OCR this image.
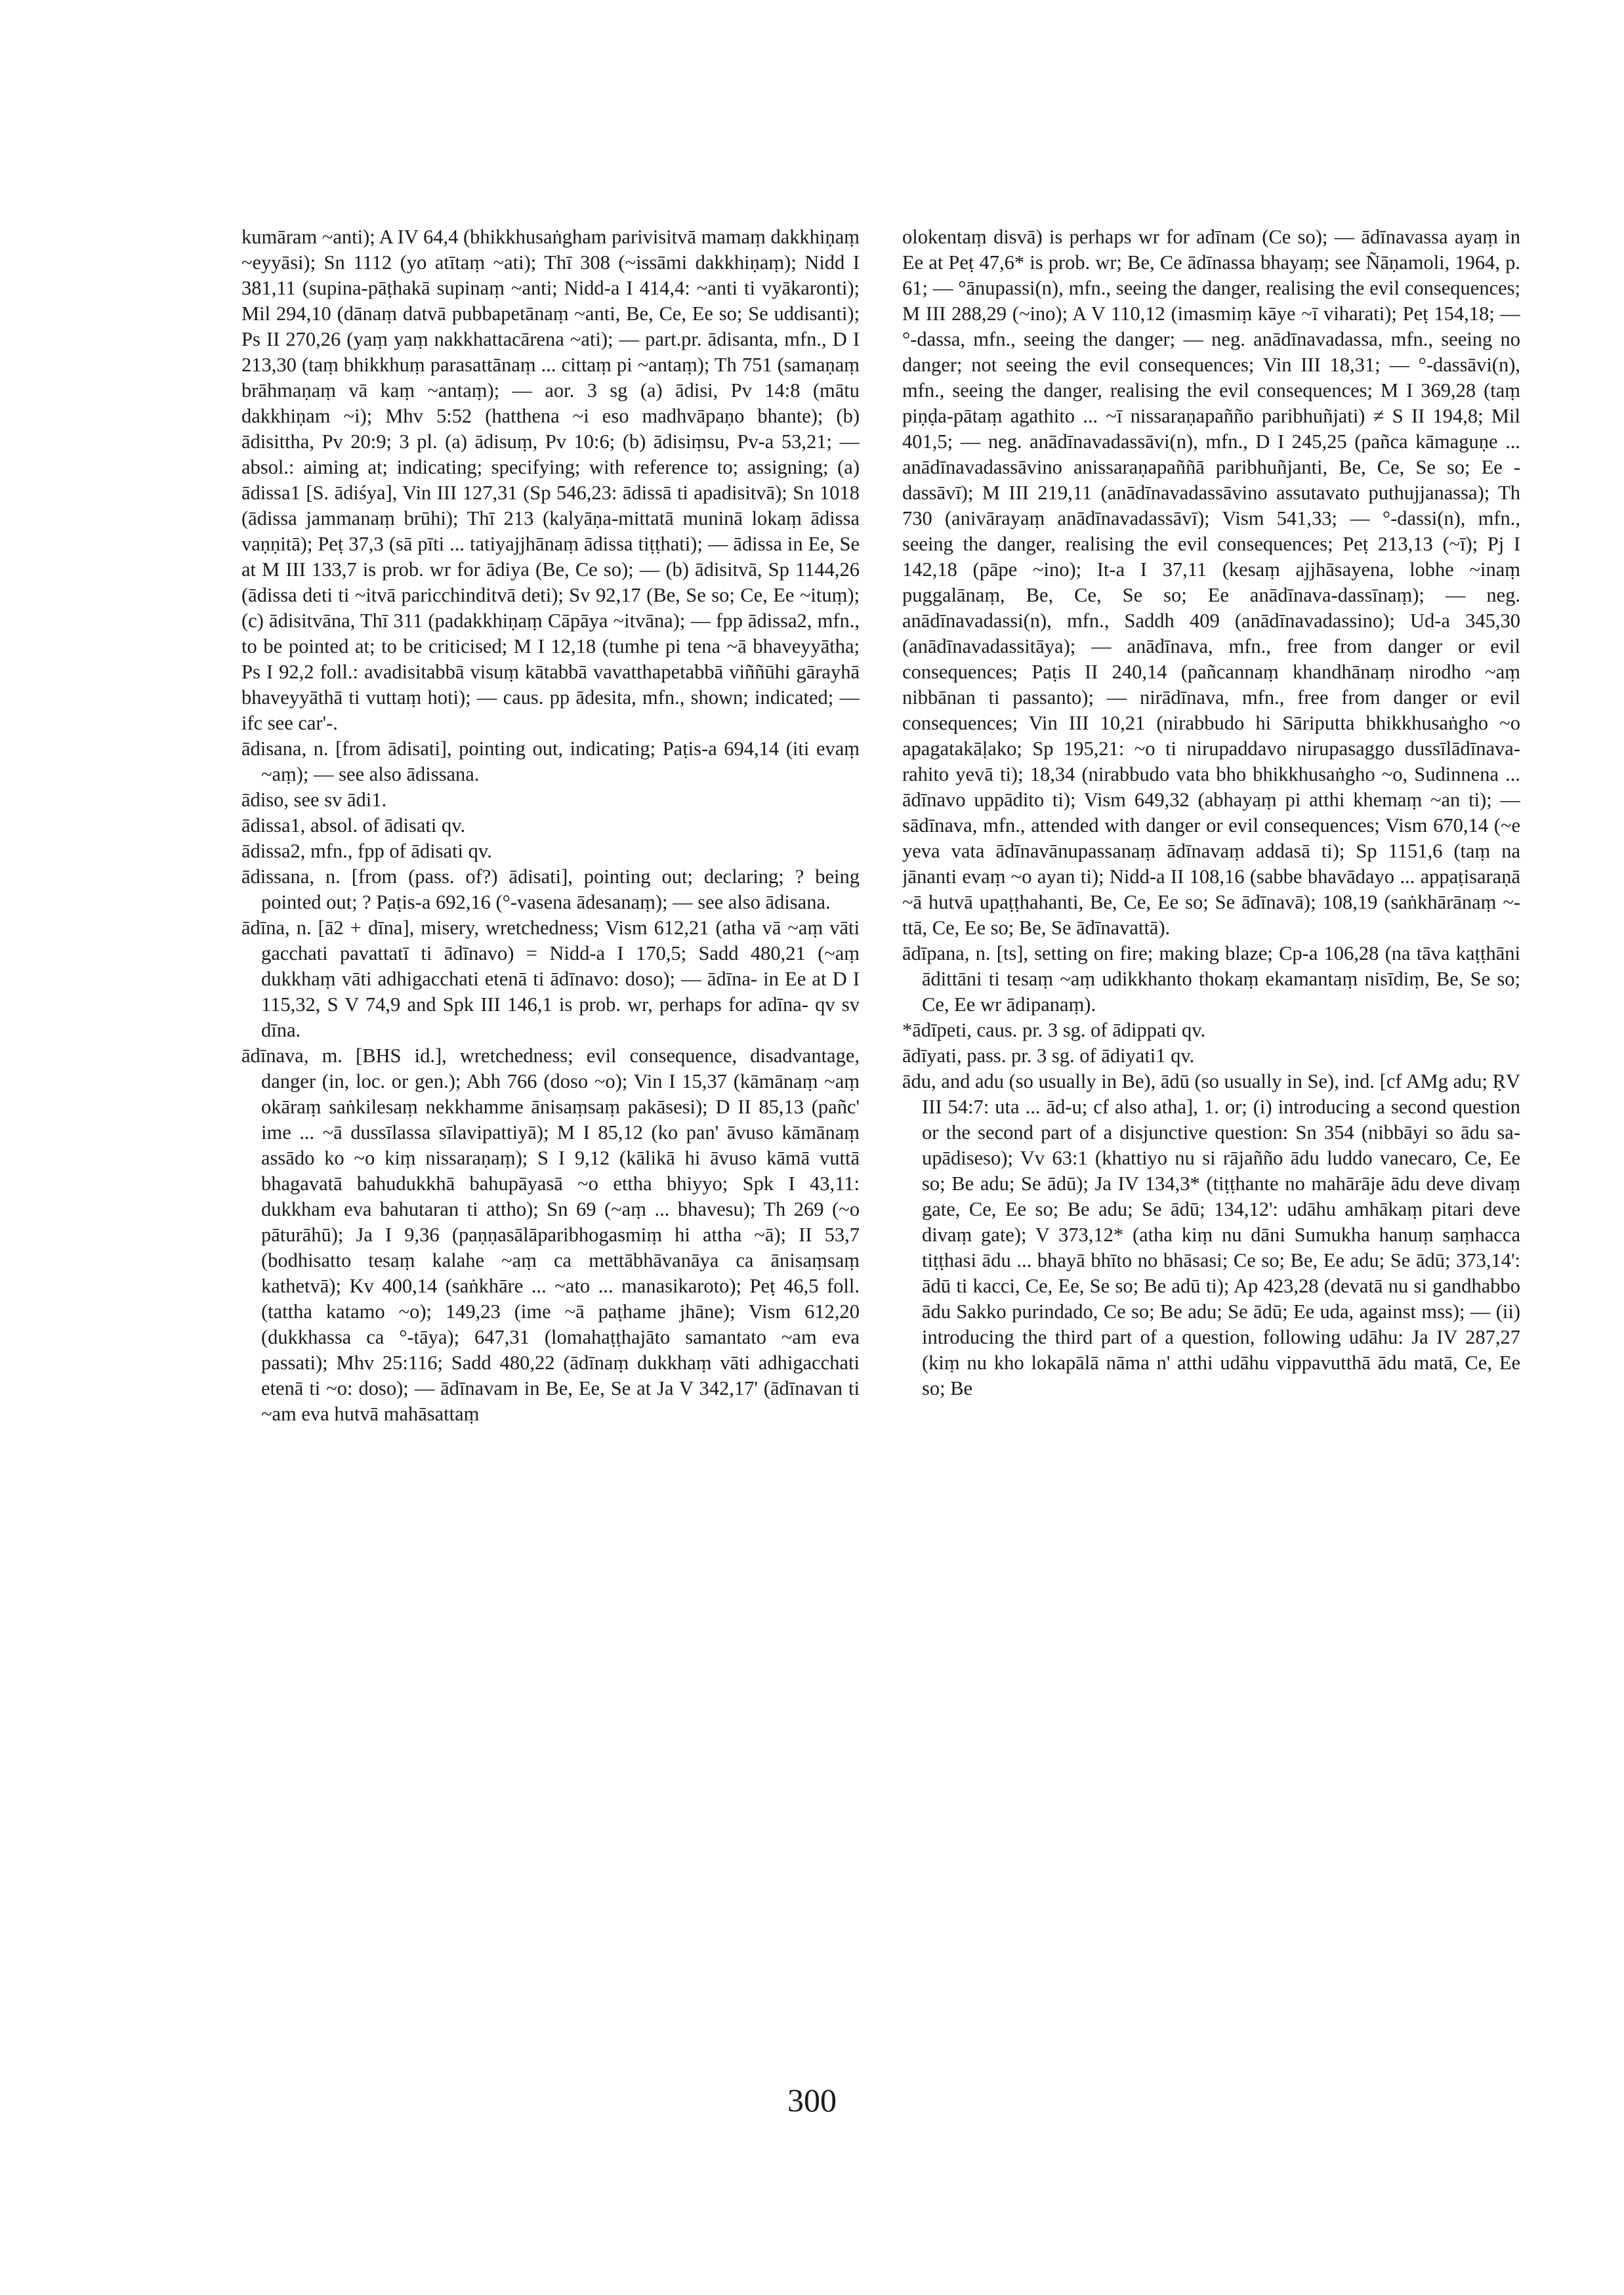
kumāram ~anti); A IV 64,4 (bhikkhusaṅgham parivisitvā mamaṃ dakkhiṇaṃ ~eyyāsi); Sn 1112 (yo atītaṃ ~ati); Thī 308 (~issāmi dakkhiṇaṃ); Nidd I 381,11 (supina-pāṭhakā supinaṃ ~anti; Nidd-a I 414,4: ~anti ti vyākaronti); Mil 294,10 (dānaṃ datvā pubbapetānaṃ ~anti, Be, Ce, Ee so; Se uddisanti); Ps II 270,26 (yaṃ yaṃ nakkhattacārena ~ati); — part.pr. ādisanta, mfn., D I 213,30 (taṃ bhikkhuṃ parasattānaṃ ... cittaṃ pi ~antaṃ); Th 751 (samaṇaṃ brāhmaṇaṃ vā kaṃ ~antaṃ); — aor. 3 sg (a) ādisi, Pv 14:8 (mātu dakkhiṇam ~i); Mhv 5:52 (hatthena ~i eso madhvāpaṇo bhante); (b) ādisittha, Pv 20:9; 3 pl. (a) ādisuṃ, Pv 10:6; (b) ādisiṃsu, Pv-a 53,21; — absol.: aiming at; indicating; specifying; with reference to; assigning; (a) ādissa1 [S. ādiśya], Vin III 127,31 (Sp 546,23: ādissā ti apadisitvā); Sn 1018 (ādissa jammanaṃ brūhi); Thī 213 (kalyāṇa-mittatā muninā lokaṃ ādissa vaṇṇitā); Peṭ 37,3 (sā pīti ... tatiyajjhānaṃ ādissa tiṭṭhati); — ādissa in Ee, Se at M III 133,7 is prob. wr for ādiya (Be, Ce so); — (b) ādisitvā, Sp 1144,26 (ādissa deti ti ~itvā paricchinditvā deti); Sv 92,17 (Be, Se so; Ce, Ee ~ituṃ); (c) ādisitvāna, Thī 311 (padakkhiṇaṃ Cāpāya ~itvāna); — fpp ādissa2, mfn., to be pointed at; to be criticised; M I 12,18 (tumhe pi tena ~ā bhaveyyātha; Ps I 92,2 foll.: avadisitabbā visuṃ kātabbā vavatthapetabbā viññūhi gārayhā bhaveyyāthā ti vuttaṃ hoti); — caus. pp ādesita, mfn., shown; indicated; — ifc see car'-.

ādisana, n. [from ādisati], pointing out, indicating; Paṭis-a 694,14 (iti evaṃ ~aṃ); — see also ādissana.

ādiso, see sv ādi1.

ādissa1, absol. of ādisati qv.

ādissa2, mfn., fpp of ādisati qv.

ādissana, n. [from (pass. of?) ādisati], pointing out; declaring; ? being pointed out; ? Paṭis-a 692,16 (°-vasena ādesanaṃ); — see also ādisana.

ādīna, n. [ā2 + dīna], misery, wretchedness; Vism 612,21 (atha vā ~aṃ vāti gacchati pavattatī ti ādīnavo) = Nidd-a I 170,5; Sadd 480,21 (~aṃ dukkhaṃ vāti adhigacchati etenā ti ādīnavo: doso); — ādīna- in Ee at D I 115,32, S V 74,9 and Spk III 146,1 is prob. wr, perhaps for adīna- qv sv dīna.

ādīnava, m. [BHS id.], wretchedness; evil consequence, disadvantage, danger (in, loc. or gen.); Abh 766 (doso ~o); Vin I 15,37 (kāmānaṃ ~aṃ okāraṃ saṅkilesaṃ nekkhamme ānisaṃsaṃ pakāsesi); D II 85,13 (pañc' ime ... ~ā dussīlassa sīlavipattiyā); M I 85,12 (ko pan' āvuso kāmānaṃ assādo ko ~o kiṃ nissaraṇaṃ); S I 9,12 (kālikā hi āvuso kāmā vuttā bhagavatā bahudukkhā bahupāyasā ~o ettha bhiyyo; Spk I 43,11: dukkham eva bahutaran ti attho); Sn 69 (~aṃ ... bhavesu); Th 269 (~o pāturāhū); Ja I 9,36 (paṇṇasālāparibhogasmiṃ hi attha ~ā); II 53,7 (bodhisatto tesaṃ kalahe ~aṃ ca mettābhāvanāya ca ānisaṃsaṃ kathetvā); Kv 400,14 (saṅkhāre ... ~ato ... manasikaroto); Peṭ 46,5 foll. (tattha katamo ~o); 149,23 (ime ~ā paṭhame jhāne); Vism 612,20 (dukkhassa ca °-tāya); 647,31 (lomahaṭṭhajāto samantato ~am eva passati); Mhv 25:116; Sadd 480,22 (ādīnaṃ dukkhaṃ vāti adhigacchati etenā ti ~o: doso); — ādīnavam in Be, Ee, Se at Ja V 342,17' (ādīnavan ti ~am eva hutvā mahāsattaṃ

olokentaṃ disvā) is perhaps wr for adīnam (Ce so); — ādīnavassa ayaṃ in Ee at Peṭ 47,6* is prob. wr; Be, Ce ādīnassa bhayaṃ; see Ñāṇamoli, 1964, p. 61; — °ānupassi(n), mfn., seeing the danger, realising the evil consequences; M III 288,29 (~ino); A V 110,12 (imasmiṃ kāye ~ī viharati); Peṭ 154,18; — °-dassa, mfn., seeing the danger; — neg. anādīnavadassa, mfn., seeing no danger; not seeing the evil consequences; Vin III 18,31; — °-dassāvi(n), mfn., seeing the danger, realising the evil consequences; M I 369,28 (taṃ piṇḍa-pātaṃ agathito ... ~ī nissaraṇapañño paribhuñjati) ≠ S II 194,8; Mil 401,5; — neg. anādīnavadassāvi(n), mfn., D I 245,25 (pañca kāmaguṇe ... anādīnavadassāvino anissaraṇapaññā paribhuñjanti, Be, Ce, Se so; Ee -dassāvī); M III 219,11 (anādīnavadassāvino assutavato puthujjanassa); Th 730 (anivārayaṃ anādīnavadassāvī); Vism 541,33; — °-dassi(n), mfn., seeing the danger, realising the evil consequences; Peṭ 213,13 (~ī); Pj I 142,18 (pāpe ~ino); It-a I 37,11 (kesaṃ ajjhāsayena, lobhe ~inaṃ puggalānaṃ, Be, Ce, Se so; Ee anādīnava-dassīnaṃ); — neg. anādīnavadassi(n), mfn., Saddh 409 (anādīnavadassino); Ud-a 345,30 (anādīnavadassitāya); — anādīnava, mfn., free from danger or evil consequences; Paṭis II 240,14 (pañcannaṃ khandhānaṃ nirodho ~aṃ nibbānan ti passanto); — nirādīnava, mfn., free from danger or evil consequences; Vin III 10,21 (nirabbudo hi Sāriputta bhikkhusaṅgho ~o apagatakāḷako; Sp 195,21: ~o ti nirupaddavo nirupasaggo dussīlādīnava-rahito yevā ti); 18,34 (nirabbudo vata bho bhikkhusaṅgho ~o, Sudinnena ... ādīnavo uppādito ti); Vism 649,32 (abhayaṃ pi atthi khemaṃ ~an ti); — sādīnava, mfn., attended with danger or evil consequences; Vism 670,14 (~e yeva vata ādīnavānupassanaṃ ādīnavaṃ addasā ti); Sp 1151,6 (taṃ na jānanti evaṃ ~o ayan ti); Nidd-a II 108,16 (sabbe bhavādayo ... appaṭisaraṇā ~ā hutvā upaṭṭhahanti, Be, Ce, Ee so; Se ādīnavā); 108,19 (saṅkhārānaṃ ~-ttā, Ce, Ee so; Be, Se ādīnavattā).

ādīpana, n. [ts], setting on fire; making blaze; Cp-a 106,28 (na tāva kaṭṭhāni ādittāni ti tesaṃ ~aṃ udikkhanto thokaṃ ekamantaṃ nisīdiṃ, Be, Se so; Ce, Ee wr ādipanaṃ).

*ādīpeti, caus. pr. 3 sg. of ādippati qv.

ādīyati, pass. pr. 3 sg. of ādiyati1 qv.

ādu, and adu (so usually in Be), ādū (so usually in Se), ind. [cf AMg adu; ṚV III 54:7: uta ... ād-u; cf also atha], 1. or; (i) introducing a second question or the second part of a disjunctive question: Sn 354 (nibbāyi so ādu sa-upādiseso); Vv 63:1 (khattiyo nu si rājañño ādu luddo vanecaro, Ce, Ee so; Be adu; Se ādū); Ja IV 134,3* (tiṭṭhante no mahārāje ādu deve divaṃ gate, Ce, Ee so; Be adu; Se ādū; 134,12': udāhu amhākaṃ pitari deve divaṃ gate); V 373,12* (atha kiṃ nu dāni Sumukha hanuṃ saṃhacca tiṭṭhasi ādu ... bhayā bhīto no bhāsasi; Ce so; Be, Ee adu; Se ādū; 373,14': ādū ti kacci, Ce, Ee, Se so; Be adū ti); Ap 423,28 (devatā nu si gandhabbo ādu Sakko purindado, Ce so; Be adu; Se ādū; Ee uda, against mss); — (ii) introducing the third part of a question, following udāhu: Ja IV 287,27 (kiṃ nu kho lokapālā nāma n' atthi udāhu vippavutthā ādu matā, Ce, Ee so; Be

300
